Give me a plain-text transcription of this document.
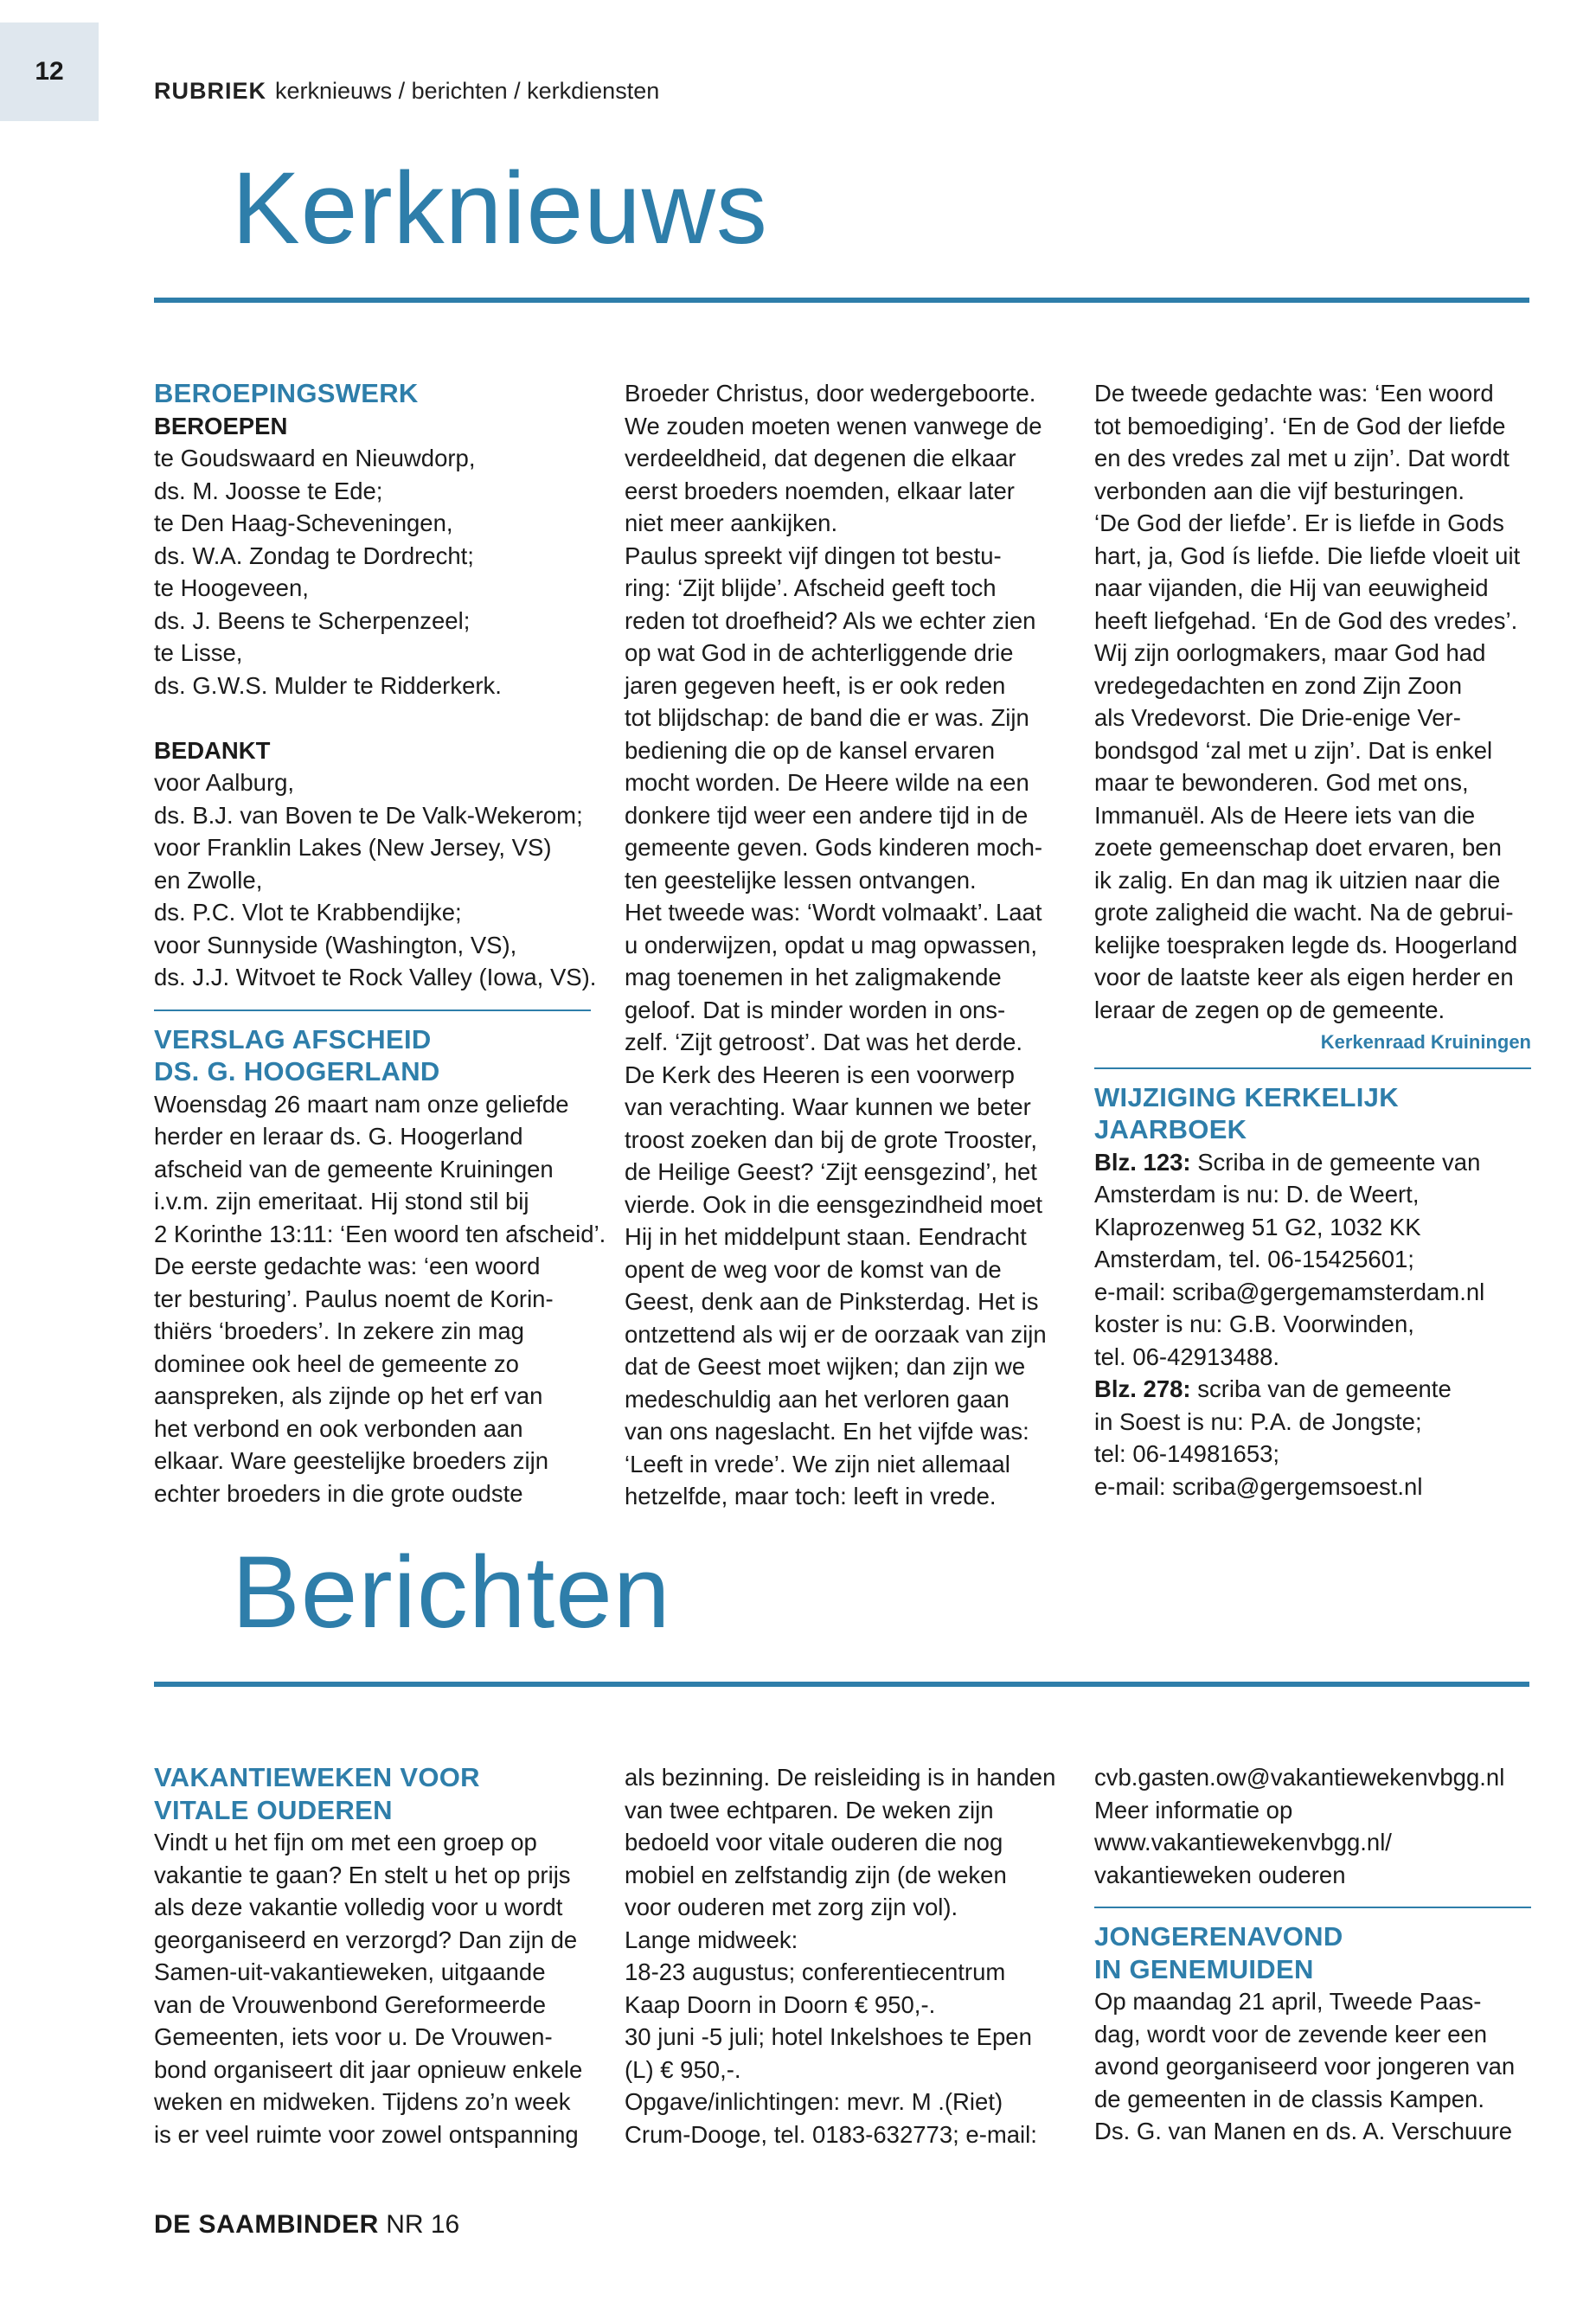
12
RUBRIEK kerknieuws / berichten / kerkdiensten
Kerknieuws
BEROEPINGSWERK
BEROEPEN

te Goudswaard en Nieuwdorp,

ds. M. Joosse te Ede;

te Den Haag-Scheveningen,

ds. W.A. Zondag te Dordrecht;

te Hoogeveen,

ds. J. Beens te Scherpenzeel;

te Lisse,

ds. G.W.S. Mulder te Ridderkerk.

BEDANKT

voor Aalburg,

ds. B.J. van Boven te De Valk-Wekerom;

voor Franklin Lakes (New Jersey, VS)

en Zwolle,

ds. P.C. Vlot te Krabbendijke;

voor Sunnyside (Washington, VS),

ds. J.J. Witvoet te Rock Valley (Iowa, VS).

VERSLAG AFSCHEID
DS. G. HOOGERLAND

Woensdag 26 maart nam onze geliefde

herder en leraar ds. G. Hoogerland

afscheid van de gemeente Kruiningen

i.v.m. zijn emeritaat. Hij stond stil bij

2 Korinthe 13:11: ‘Een woord ten afscheid’.

De eerste gedachte was: ‘een woord

ter besturing’. Paulus noemt de Korin-

thiërs ‘broeders’. In zekere zin mag

dominee ook heel de gemeente zo

aanspreken, als zijnde op het erf van

het verbond en ook verbonden aan

elkaar. Ware geestelijke broeders zijn

echter broeders in die grote oudste

Broeder Christus, door wedergeboorte.

We zouden moeten wenen vanwege de

verdeeldheid, dat degenen die elkaar

eerst broeders noemden, elkaar later

niet meer aankijken.

Paulus spreekt vijf dingen tot bestu-

ring: ‘Zijt blijde’. Afscheid geeft toch

reden tot droefheid? Als we echter zien

op wat God in de achterliggende drie

jaren gegeven heeft, is er ook reden

tot blijdschap: de band die er was. Zijn

bediening die op de kansel ervaren

mocht worden. De Heere wilde na een

donkere tijd weer een andere tijd in de

gemeente geven. Gods kinderen moch-

ten geestelijke lessen ontvangen.

Het tweede was: ‘Wordt volmaakt’. Laat

u onderwijzen, opdat u mag opwassen,

mag toenemen in het zaligmakende

geloof. Dat is minder worden in ons-

zelf. ‘Zijt getroost’. Dat was het derde.

De Kerk des Heeren is een voorwerp

van verachting. Waar kunnen we beter

troost zoeken dan bij de grote Trooster,

de Heilige Geest? ‘Zijt eensgezind’, het

vierde. Ook in die eensgezindheid moet

Hij in het middelpunt staan. Eendracht

opent de weg voor de komst van de

Geest, denk aan de Pinksterdag. Het is

ontzettend als wij er de oorzaak van zijn

dat de Geest moet wijken; dan zijn we

medeschuldig aan het verloren gaan

van ons nageslacht. En het vijfde was:

‘Leeft in vrede’. We zijn niet allemaal

hetzelfde, maar toch: leeft in vrede.

De tweede gedachte was: ‘Een woord

tot bemoediging’. ‘En de God der liefde

en des vredes zal met u zijn’. Dat wordt

verbonden aan die vijf besturingen.

‘De God der liefde’. Er is liefde in Gods

hart, ja, God ís liefde. Die liefde vloeit uit

naar vijanden, die Hij van eeuwigheid

heeft liefgehad. ‘En de God des vredes’.

Wij zijn oorlogmakers, maar God had

vredegedachten en zond Zijn Zoon

als Vredevorst. Die Drie-enige Ver-

bondsgod ‘zal met u zijn’. Dat is enkel

maar te bewonderen. God met ons,

Immanuël. Als de Heere iets van die

zoete gemeenschap doet ervaren, ben

ik zalig. En dan mag ik uitzien naar die

grote zaligheid die wacht. Na de gebrui-

kelijke toespraken legde ds. Hoogerland

voor de laatste keer als eigen herder en

leraar de zegen op de gemeente.

Kerkenraad Kruiningen
WIJZIGING KERKELIJK
JAARBOEK

Blz. 123: Scriba in de gemeente van

Amsterdam is nu: D. de Weert,

Klaprozenweg 51 G2, 1032 KK

Amsterdam, tel. 06-15425601;

e-mail: scriba@gergemamsterdam.nl

koster is nu: G.B. Voorwinden,

tel. 06-42913488.

Blz. 278: scriba van de gemeente

in Soest is nu: P.A. de Jongste;

tel: 06-14981653;

e-mail: scriba@gergemsoest.nl

Berichten
VAKANTIEWEKEN VOOR
VITALE OUDEREN

Vindt u het fijn om met een groep op

vakantie te gaan? En stelt u het op prijs

als deze vakantie volledig voor u wordt

georganiseerd en verzorgd? Dan zijn de

Samen-uit-vakantieweken, uitgaande

van de Vrouwenbond Gereformeerde

Gemeenten, iets voor u. De Vrouwen-

bond organiseert dit jaar opnieuw enkele

weken en midweken. Tijdens zo’n week

is er veel ruimte voor zowel ontspanning

als bezinning. De reisleiding is in handen

van twee echtparen. De weken zijn

bedoeld voor vitale ouderen die nog

mobiel en zelfstandig zijn (de weken

voor ouderen met zorg zijn vol).

Lange midweek:

18-23 augustus; conferentiecentrum

Kaap Doorn in Doorn € 950,-.

30 juni -5 juli; hotel Inkelshoes te Epen

(L) € 950,-.

Opgave/inlichtingen: mevr. M .(Riet)

Crum-Dooge, tel. 0183-632773; e-mail:

cvb.gasten.ow@vakantiewekenvbgg.nl

Meer informatie op

www.vakantiewekenvbgg.nl/

vakantieweken ouderen

JONGERENAVOND
IN GENEMUIDEN

Op maandag 21 april, Tweede Paas-

dag, wordt voor de zevende keer een

avond georganiseerd voor jongeren van

de gemeenten in de classis Kampen.

Ds. G. van Manen en ds. A. Verschuure

DE SAAMBINDER NR 16
